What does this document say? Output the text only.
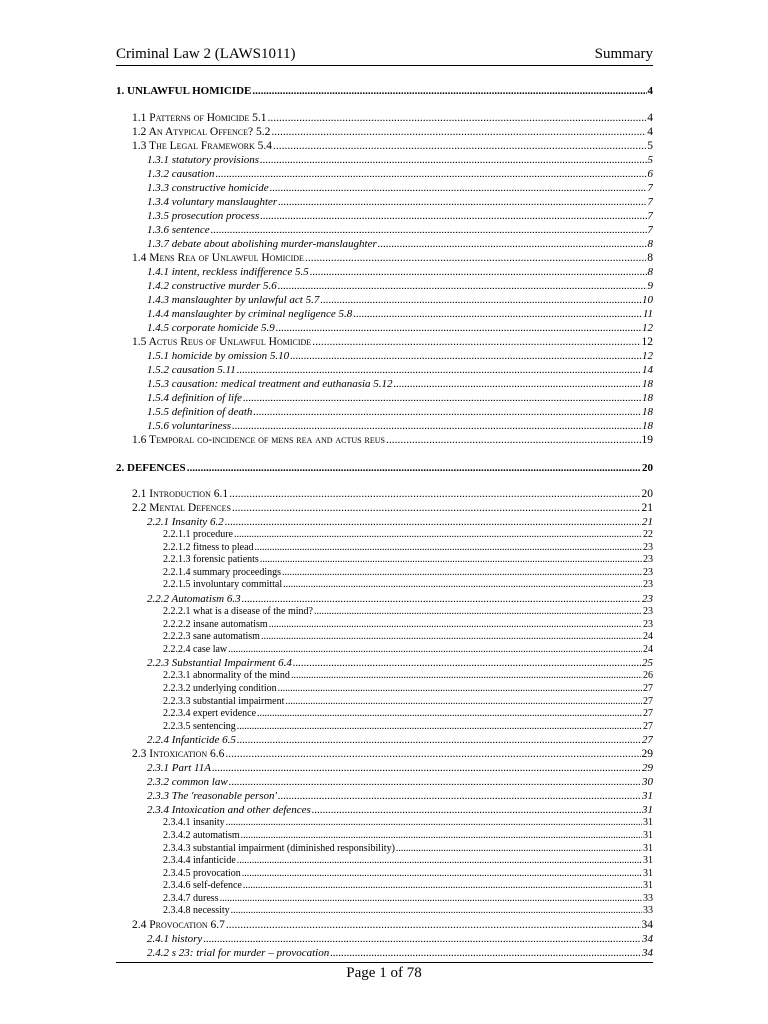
Criminal Law 2 (LAWS1011)	Summary
1. UNLAWFUL HOMICIDE .....	4
1.1 Patterns of Homicide 5.1 .....	4
1.2 An Atypical Offence? 5.2 .....	4
1.3 The Legal Framework 5.4 .....	5
1.3.1 statutory provisions .....	5
1.3.2 causation .....	6
1.3.3 constructive homicide .....	7
1.3.4 voluntary manslaughter .....	7
1.3.5 prosecution process .....	7
1.3.6 sentence .....	7
1.3.7 debate about abolishing murder-manslaughter .....	8
1.4 Mens Rea of Unlawful Homicide .....	8
1.4.1 intent, reckless indifference 5.5 .....	8
1.4.2 constructive murder 5.6 .....	9
1.4.3 manslaughter by unlawful act 5.7 .....	10
1.4.4 manslaughter by criminal negligence 5.8 .....	11
1.4.5 corporate homicide 5.9 .....	12
1.5 Actus Reus of Unlawful Homicide .....	12
1.5.1 homicide by omission 5.10 .....	12
1.5.2 causation 5.11 .....	14
1.5.3 causation: medical treatment and euthanasia 5.12 .....	18
1.5.4 definition of life .....	18
1.5.5 definition of death .....	18
1.5.6 voluntariness .....	18
1.6 Temporal co-incidence of mens rea and actus reus .....	19
2. DEFENCES .....	20
2.1 Introduction 6.1 .....	20
2.2 Mental Defences .....	21
2.2.1 Insanity 6.2 .....	21
2.2.1.1 procedure .....	22
2.2.1.2 fitness to plead .....	23
2.2.1.3 forensic patients .....	23
2.2.1.4 summary proceedings .....	23
2.2.1.5 involuntary committal .....	23
2.2.2 Automatism 6.3 .....	23
2.2.2.1 what is a disease of the mind? .....	23
2.2.2.2 insane automatism .....	23
2.2.2.3 sane automatism .....	24
2.2.2.4 case law .....	24
2.2.3 Substantial Impairment 6.4 .....	25
2.2.3.1 abnormality of the mind .....	26
2.2.3.2 underlying condition .....	27
2.2.3.3 substantial impairment .....	27
2.2.3.4 expert evidence .....	27
2.2.3.5 sentencing .....	27
2.2.4 Infanticide 6.5 .....	27
2.3 Intoxication 6.6 .....	29
2.3.1 Part 11A .....	29
2.3.2 common law .....	30
2.3.3 The 'reasonable person' .....	31
2.3.4 Intoxication and other defences .....	31
2.3.4.1 insanity .....	31
2.3.4.2 automatism .....	31
2.3.4.3 substantial impairment (diminished responsibility) .....	31
2.3.4.4 infanticide .....	31
2.3.4.5 provocation .....	31
2.3.4.6 self-defence .....	31
2.3.4.7 duress .....	33
2.3.4.8 necessity .....	33
2.4 Provocation 6.7 .....	34
2.4.1 history .....	34
2.4.2 s 23: trial for murder – provocation .....	34
Page 1 of 78
